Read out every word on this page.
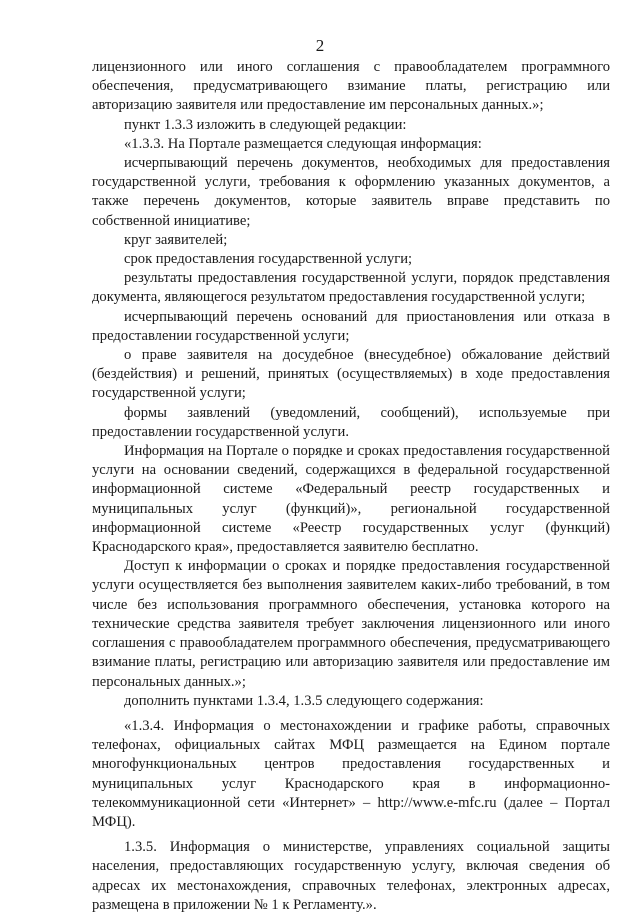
2

лицензионного или иного соглашения с правообладателем программного обеспечения, предусматривающего взимание платы, регистрацию или авторизацию заявителя или предоставление им персональных данных.»;

пункт 1.3.3 изложить в следующей редакции:

«1.3.3. На Портале размещается следующая информация:

исчерпывающий перечень документов, необходимых для предоставления государственной услуги, требования к оформлению указанных документов, а также перечень документов, которые заявитель вправе представить по собственной инициативе;

круг заявителей;

срок предоставления государственной услуги;

результаты предоставления государственной услуги, порядок представления документа, являющегося результатом предоставления государственной услуги;

исчерпывающий перечень оснований для приостановления или отказа в предоставлении государственной услуги;

о праве заявителя на досудебное (внесудебное) обжалование действий (бездействия) и решений, принятых (осуществляемых) в ходе предоставления государственной услуги;

формы заявлений (уведомлений, сообщений), используемые при предоставлении государственной услуги.

Информация на Портале о порядке и сроках предоставления государственной услуги на основании сведений, содержащихся в федеральной государственной информационной системе «Федеральный реестр государственных и муниципальных услуг (функций)», региональной государственной информационной системе «Реестр государственных услуг (функций) Краснодарского края», предоставляется заявителю бесплатно.

Доступ к информации о сроках и порядке предоставления государственной услуги осуществляется без выполнения заявителем каких-либо требований, в том числе без использования программного обеспечения, установка которого на технические средства заявителя требует заключения лицензионного или иного соглашения с правообладателем программного обеспечения, предусматривающего взимание платы, регистрацию или авторизацию заявителя или предоставление им персональных данных.»;

дополнить пунктами 1.3.4, 1.3.5 следующего содержания:

«1.3.4. Информация о местонахождении и графике работы, справочных телефонах, официальных сайтах МФЦ размещается на Едином портале многофункциональных центров предоставления государственных и муниципальных услуг Краснодарского края в информационно-телекоммуникационной сети «Интернет» – http://www.e-mfc.ru (далее – Портал МФЦ).

1.3.5. Информация о министерстве, управлениях социальной защиты населения, предоставляющих государственную услугу, включая сведения об адресах их местонахождения, справочных телефонах, электронных адресах, размещена в приложении № 1 к Регламенту.».
